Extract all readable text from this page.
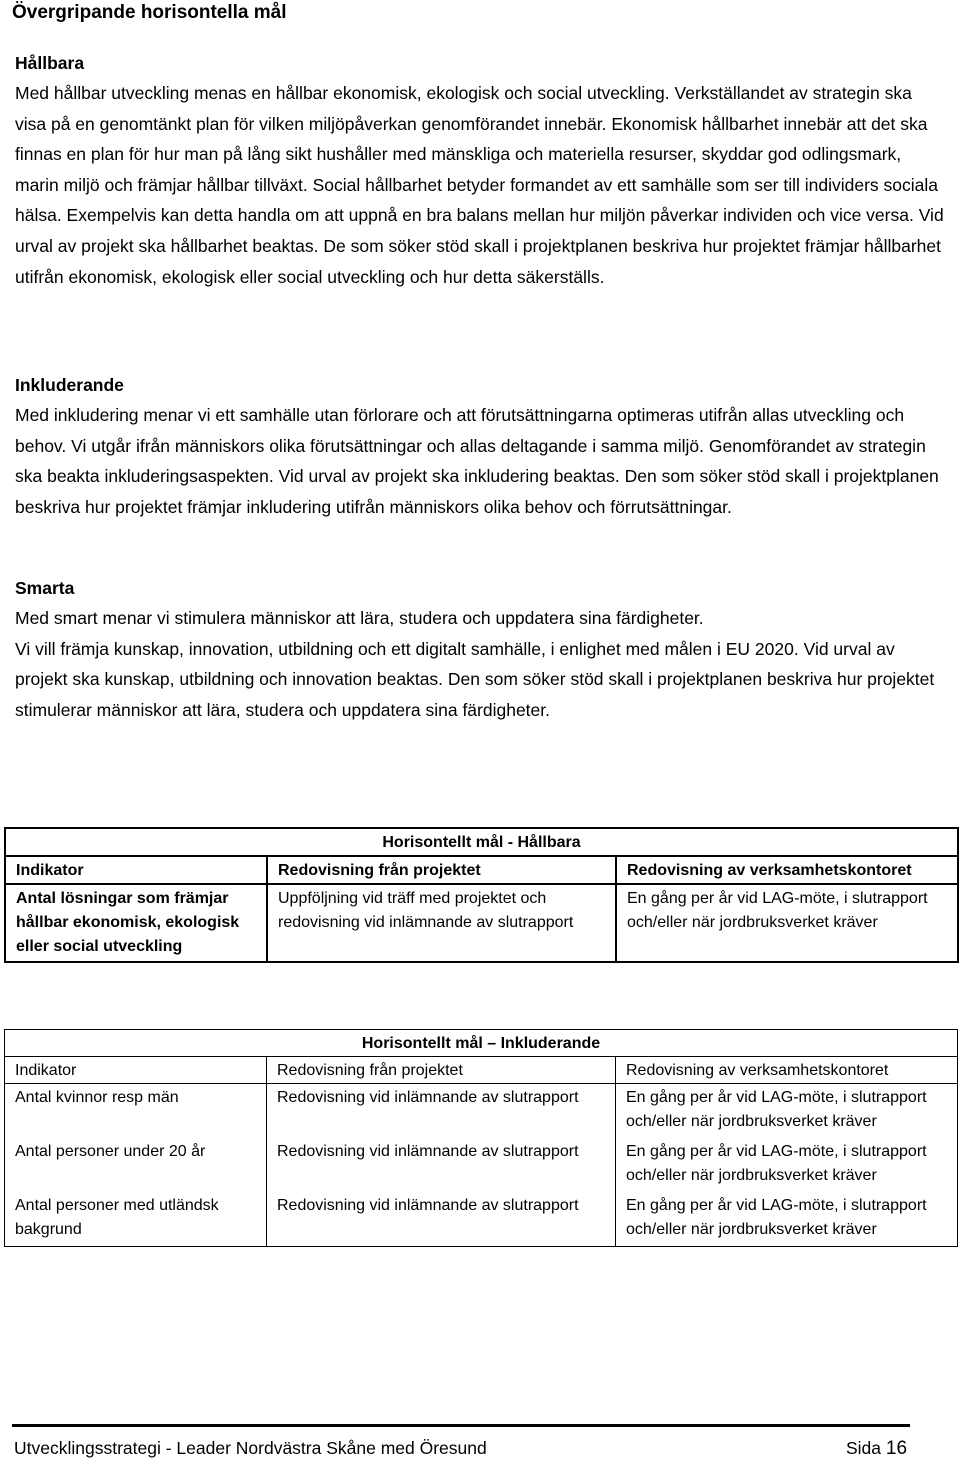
Övergripande horisontella mål

Hållbara

Med hållbar utveckling menas en hållbar ekonomisk, ekologisk och social utveckling. Verkställandet av strategin ska visa på en genomtänkt plan för vilken miljöpåverkan genomförandet innebär. Ekonomisk hållbarhet innebär att det ska finnas en plan för hur man på lång sikt hushåller med mänskliga och materiella resurser, skyddar god odlingsmark, marin miljö och främjar hållbar tillväxt. Social hållbarhet betyder formandet av ett samhälle som ser till individers sociala hälsa. Exempelvis kan detta handla om att uppnå en bra balans mellan hur miljön påverkar individen och vice versa. Vid urval av projekt ska hållbarhet beaktas. De som söker stöd skall i projektplanen beskriva hur projektet främjar hållbarhet utifrån ekonomisk, ekologisk eller social utveckling och hur detta säkerställs.

Inkluderande

Med inkludering menar vi ett samhälle utan förlorare och att förutsättningarna optimeras utifrån allas utveckling och behov. Vi utgår ifrån människors olika förutsättningar och allas deltagande i samma miljö. Genomförandet av strategin ska beakta inkluderingsaspekten. Vid urval av projekt ska inkludering beaktas. Den som söker stöd skall i projektplanen beskriva hur projektet främjar inkludering utifrån människors olika behov och förrutsättningar.

Smarta

Med smart menar vi stimulera människor att lära, studera och uppdatera sina färdigheter.

Vi vill främja kunskap, innovation, utbildning och ett digitalt samhälle, i enlighet med målen i EU 2020. Vid urval av projekt ska kunskap, utbildning och innovation beaktas. Den som söker stöd skall i projektplanen beskriva hur projektet stimulerar människor att lära, studera och uppdatera sina färdigheter.

Horisontellt mål - Hållbara		
Indikator	Redovisning från projektet	Redovisning av verksamhetskontoret
Antal lösningar som främjar hållbar ekonomisk, ekologisk eller social utveckling	Uppföljning vid träff med projektet och redovisning vid inlämnande av slutrapport	En gång per år vid LAG-möte, i slutrapport och/eller när jordbruksverket kräver
Horisontellt mål – Inkluderande		
Indikator	Redovisning från projektet	Redovisning av verksamhetskontoret
Antal kvinnor resp män	Redovisning vid inlämnande av slutrapport	En gång per år vid LAG-möte, i slutrapport och/eller när jordbruksverket kräver
Antal personer under 20 år	Redovisning vid inlämnande av slutrapport	En gång per år vid LAG-möte, i slutrapport och/eller när jordbruksverket kräver
Antal personer med utländsk bakgrund	Redovisning vid inlämnande av slutrapport	En gång per år vid LAG-möte, i slutrapport och/eller när jordbruksverket kräver
Utvecklingsstrategi - Leader Nordvästra Skåne med Öresund	Sida 16
